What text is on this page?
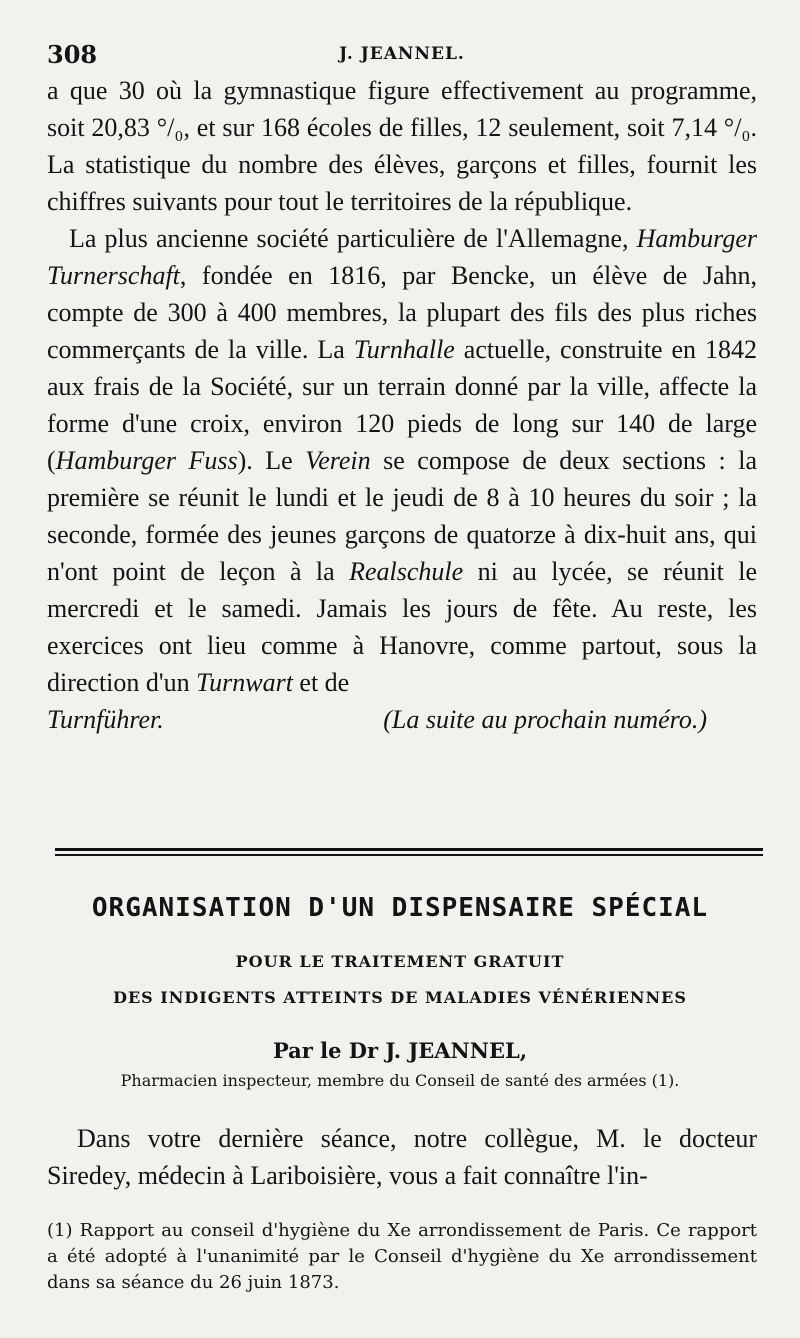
308	J. JEANNEL.

a que 30 où la gymnastique figure effectivement au programme, soit 20,83 °/₀, et sur 168 écoles de filles, 12 seulement, soit 7,14 °/₀. La statistique du nombre des élèves, garçons et filles, fournit les chiffres suivants pour tout le territoires de la république.

La plus ancienne société particulière de l'Allemagne, Hamburger Turnerschaft, fondée en 1816, par Bencke, un élève de Jahn, compte de 300 à 400 membres, la plupart des fils des plus riches commerçants de la ville. La Turnhalle actuelle, construite en 1842 aux frais de la Société, sur un terrain donné par la ville, affecte la forme d'une croix, environ 120 pieds de long sur 140 de large (Hamburger Fuss). Le Verein se compose de deux sections : la première se réunit le lundi et le jeudi de 8 à 10 heures du soir ; la seconde, formée des jeunes garçons de quatorze à dix-huit ans, qui n'ont point de leçon à la Realschule ni au lycée, se réunit le mercredi et le samedi. Jamais les jours de fête. Au reste, les exercices ont lieu comme à Hanovre, comme partout, sous la direction d'un Turnwart et de

Turnführer.	(La suite au prochain numéro.)
ORGANISATION D'UN DISPENSAIRE SPÉCIAL
POUR LE TRAITEMENT GRATUIT
DES INDIGENTS ATTEINTS DE MALADIES VÉNÉRIENNES
Par le Dr J. JEANNEL,
Pharmacien inspecteur, membre du Conseil de santé des armées (1).

Dans votre dernière séance, notre collègue, M. le docteur Siredey, médecin à Lariboisière, vous a fait connaître l'in-

(1) Rapport au conseil d'hygiène du Xe arrondissement de Paris. Ce rapport a été adopté à l'unanimité par le Conseil d'hygiène du Xe arrondissement dans sa séance du 26 juin 1873.
